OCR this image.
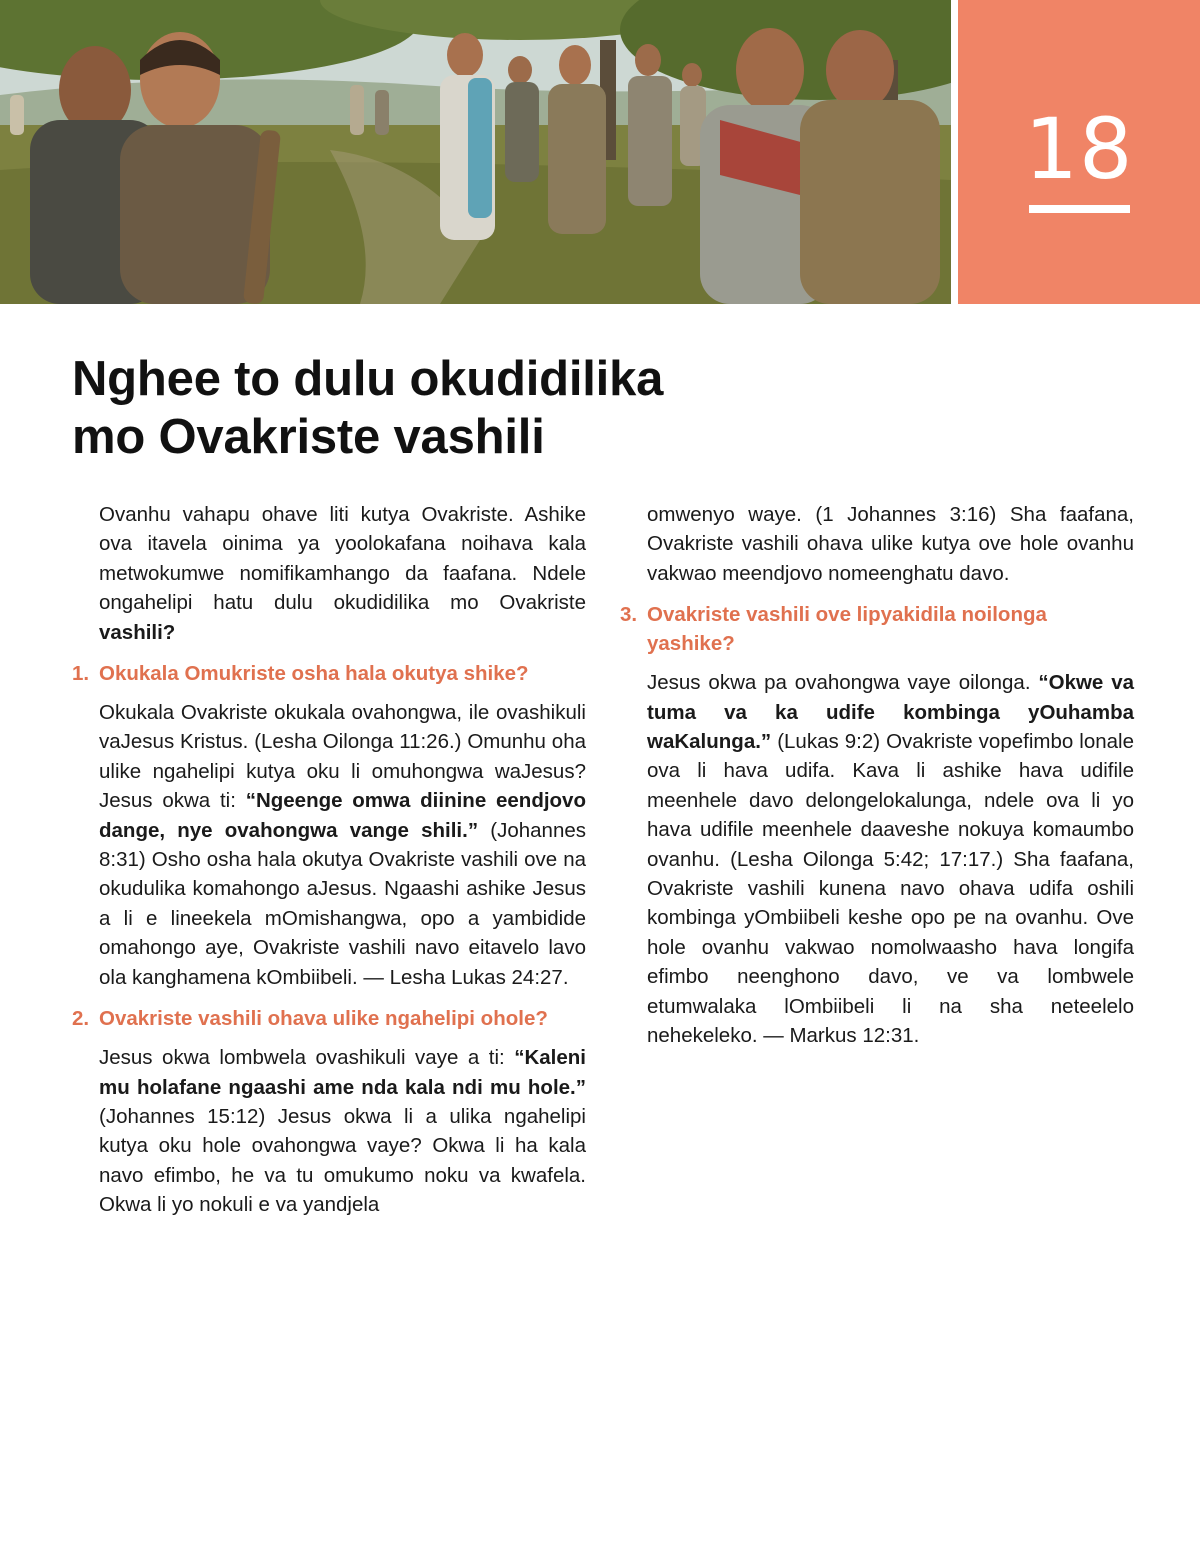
18
Nghee to dulu okudidilika
mo Ovakriste vashili

Ovanhu vahapu ohave liti kutya Ovakriste. Ashike ova itavela oinima ya yoolokafana noihava kala metwokumwe nomifikamhango da faafana. Ndele ongahelipi hatu dulu okudidilika mo Ovakriste vashili?

1. Okukala Omukriste osha hala okutya shike?

Okukala Ovakriste okukala ovahongwa, ile ovashikuli vaJesus Kristus. (Lesha Oilonga 11:26.) Omunhu oha ulike ngahelipi kutya oku li omuhongwa waJesus? Jesus okwa ti: “Ngeenge omwa diinine eendjovo dange, nye ovahongwa vange shili.” (Johannes 8:31) Osho osha hala okutya Ovakriste vashili ove na okudulika komahongo aJesus. Ngaashi ashike Jesus a li e lineekela mOmishangwa, opo a yambidide omahongo aye, Ovakriste vashili navo eitavelo lavo ola kanghamena kOmbiibeli. — Lesha Lukas 24:27.

2. Ovakriste vashili ohava ulike ngahelipi ohole?

Jesus okwa lombwela ovashikuli vaye a ti: “Kaleni mu holafane ngaashi ame nda kala ndi mu hole.” (Johannes 15:12) Jesus okwa li a ulika ngahelipi kutya oku hole ovahongwa vaye? Okwa li ha kala navo efimbo, he va tu omukumo noku va kwafela. Okwa li yo nokuli e va yandjela

omwenyo waye. (1 Johannes 3:16) Sha faafana, Ovakriste vashili ohava ulike kutya ove hole ovanhu vakwao meendjovo nomeenghatu davo.

3. Ovakriste vashili ove lipyakidila noilonga yashike?

Jesus okwa pa ovahongwa vaye oilonga. “Okwe va tuma va ka udife kombinga yOuhamba waKalunga.” (Lukas 9:2) Ovakriste vopefimbo lonale ova li hava udifa. Kava li ashike hava udifile meenhele davo delongelokalunga, ndele ova li yo hava udifile meenhele daaveshe nokuya komaumbo ovanhu. (Lesha Oilonga 5:42; 17:17.) Sha faafana, Ovakriste vashili kunena navo ohava udifa oshili kombinga yOmbiibeli keshe opo pe na ovanhu. Ove hole ovanhu vakwao nomolwaasho hava longifa efimbo neenghono davo, ve va lombwele etumwalaka lOmbiibeli li na sha neteelelo nehekeleko. — Markus 12:31.
